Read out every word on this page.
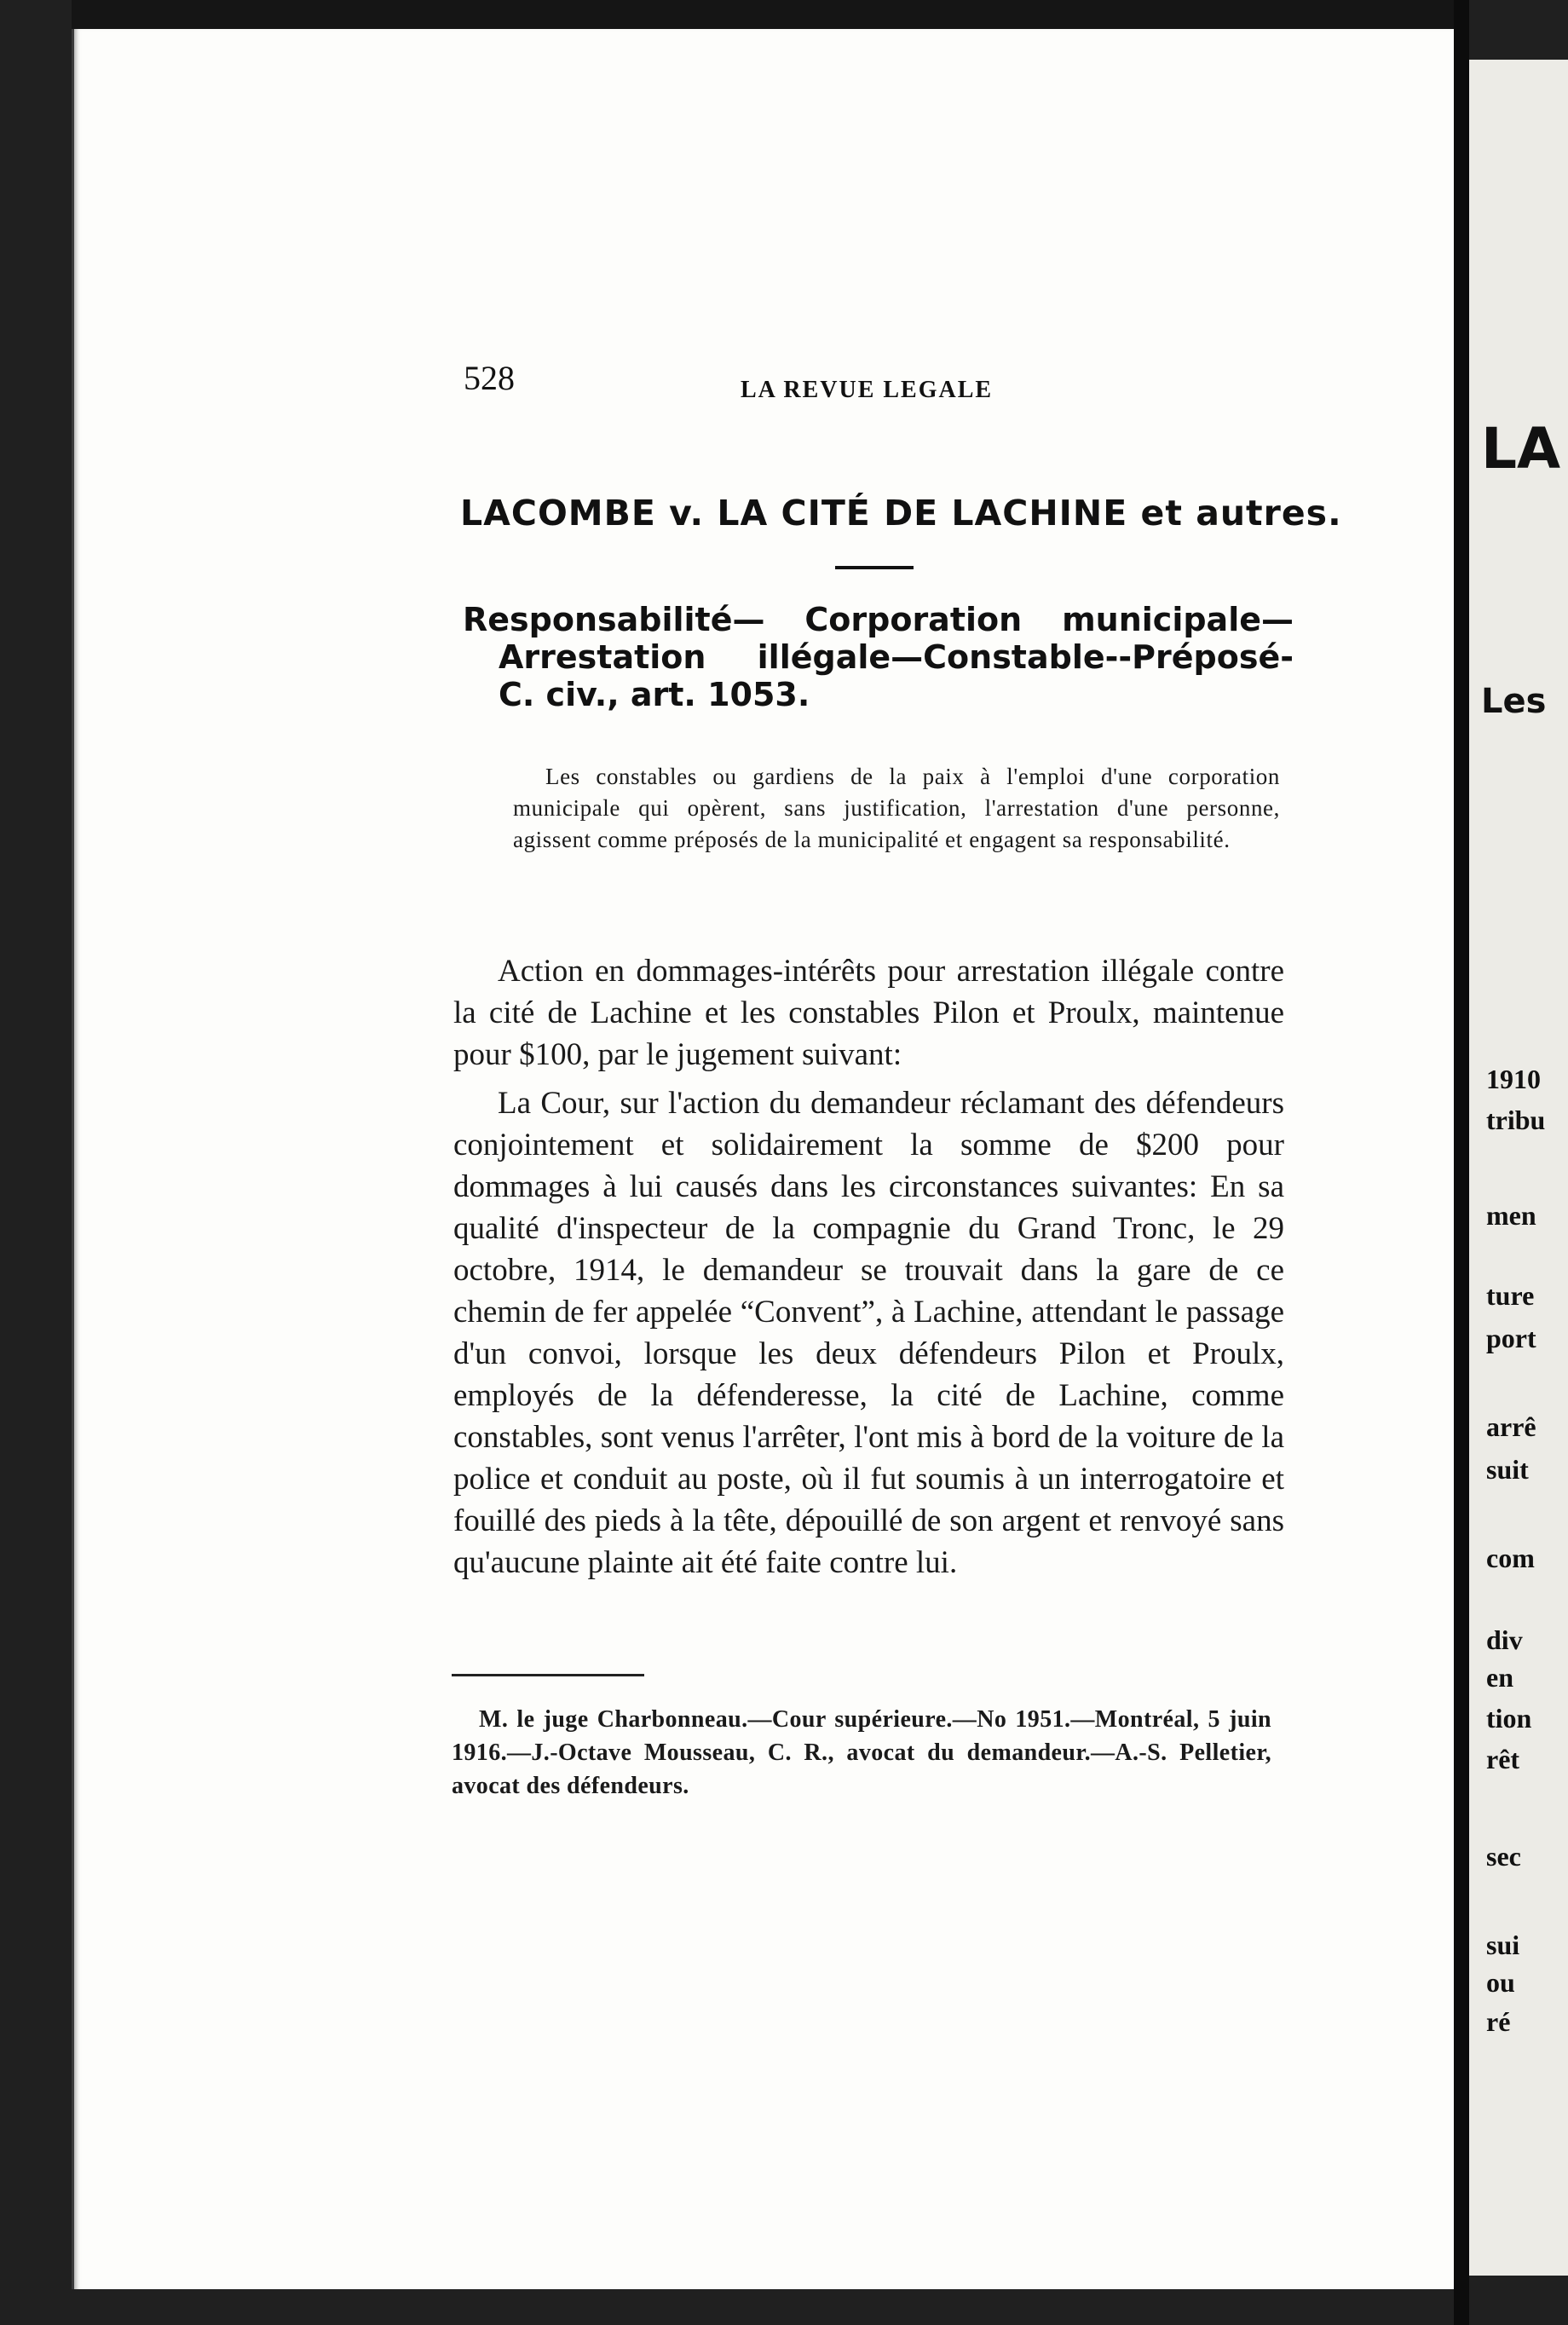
528	LA REVUE LEGALE
LACOMBE v. LA CITÉ DE LACHINE et autres.
Responsabilité— Corporation municipale— Arrestation illégale—Constable--Préposé- C. civ., art. 1053.
Les constables ou gardiens de la paix à l'emploi d'une corporation municipale qui opèrent, sans justification, l'arrestation d'une personne, agissent comme préposés de la municipalité et engagent sa responsabilité.
Action en dommages-intérêts pour arrestation illégale contre la cité de Lachine et les constables Pilon et Proulx, maintenue pour $100, par le jugement suivant:
La Cour, sur l'action du demandeur réclamant des défendeurs conjointement et solidairement la somme de $200 pour dommages à lui causés dans les circonstances suivantes: En sa qualité d'inspecteur de la compagnie du Grand Tronc, le 29 octobre, 1914, le demandeur se trouvait dans la gare de ce chemin de fer appelée “Convent”, à Lachine, attendant le passage d'un convoi, lorsque les deux défendeurs Pilon et Proulx, employés de la défenderesse, la cité de Lachine, comme constables, sont venus l'arrêter, l'ont mis à bord de la voiture de la police et conduit au poste, où il fut soumis à un interrogatoire et fouillé des pieds à la tête, dépouillé de son argent et renvoyé sans qu'aucune plainte ait été faite contre lui.
M. le juge Charbonneau.—Cour supérieure.—No 1951.—Montréal, 5 juin 1916.—J.-Octave Mousseau, C. R., avocat du demandeur.—A.-S. Pelletier, avocat des défendeurs.
LA
Les
1910
tribu
men
ture
port
arrê
suit
com
div
en
tion
rêt
sec
sui
ou
ré
